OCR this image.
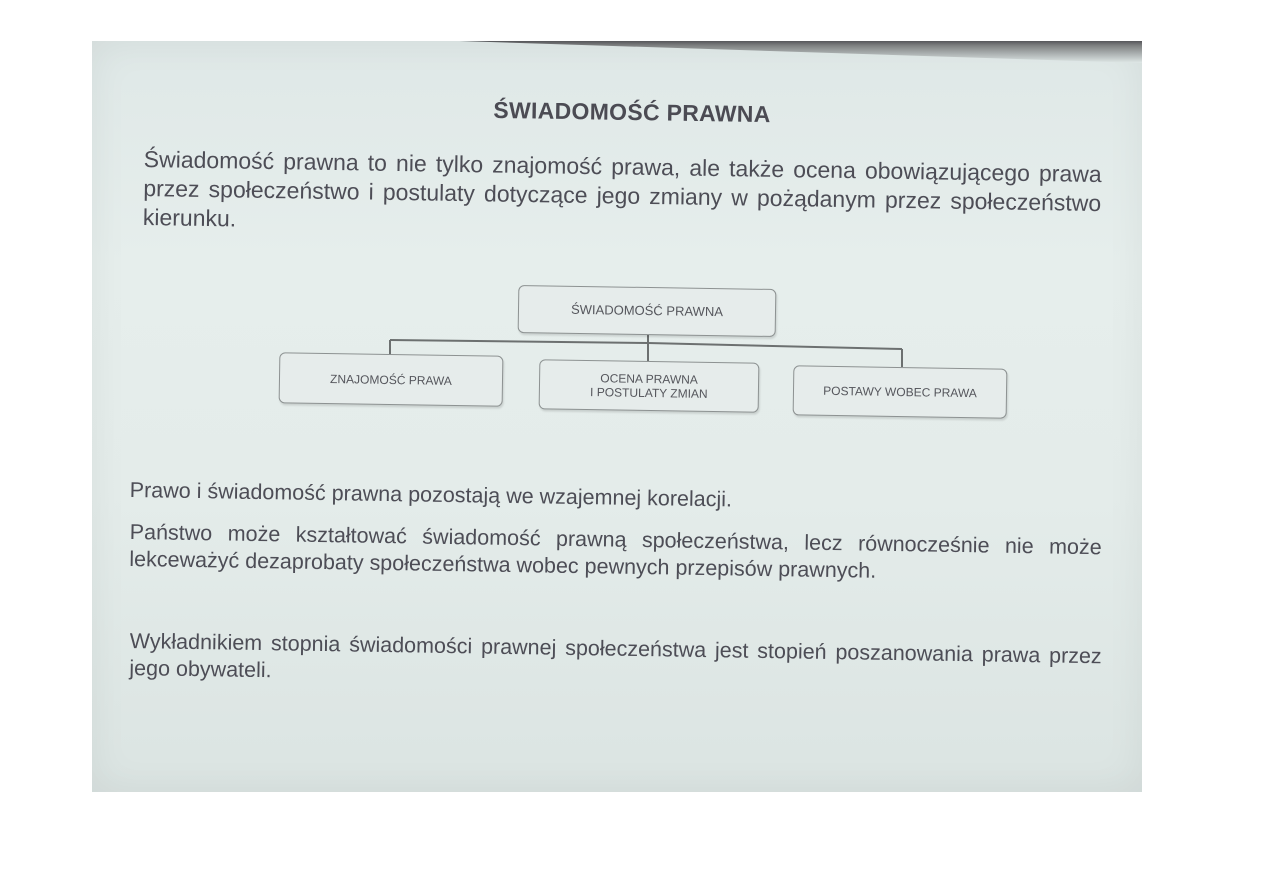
ŚWIADOMOŚĆ PRAWNA
Świadomość prawna to nie tylko znajomość prawa, ale także ocena obowiązującego prawa przez społeczeństwo i postulaty dotyczące jego zmiany w pożądanym przez społeczeństwo kierunku.
ŚWIADOMOŚĆ PRAWNA
ZNAJOMOŚĆ PRAWA	OCENA PRAWNA
I POSTULATY ZMIAN	POSTAWY WOBEC PRAWA
Prawo i świadomość prawna pozostają we wzajemnej korelacji.
Państwo może kształtować świadomość prawną społeczeństwa, lecz równocześnie nie może lekceważyć dezaprobaty społeczeństwa wobec pewnych przepisów prawnych.
Wykładnikiem stopnia świadomości prawnej społeczeństwa jest stopień poszanowania prawa przez jego obywateli.
